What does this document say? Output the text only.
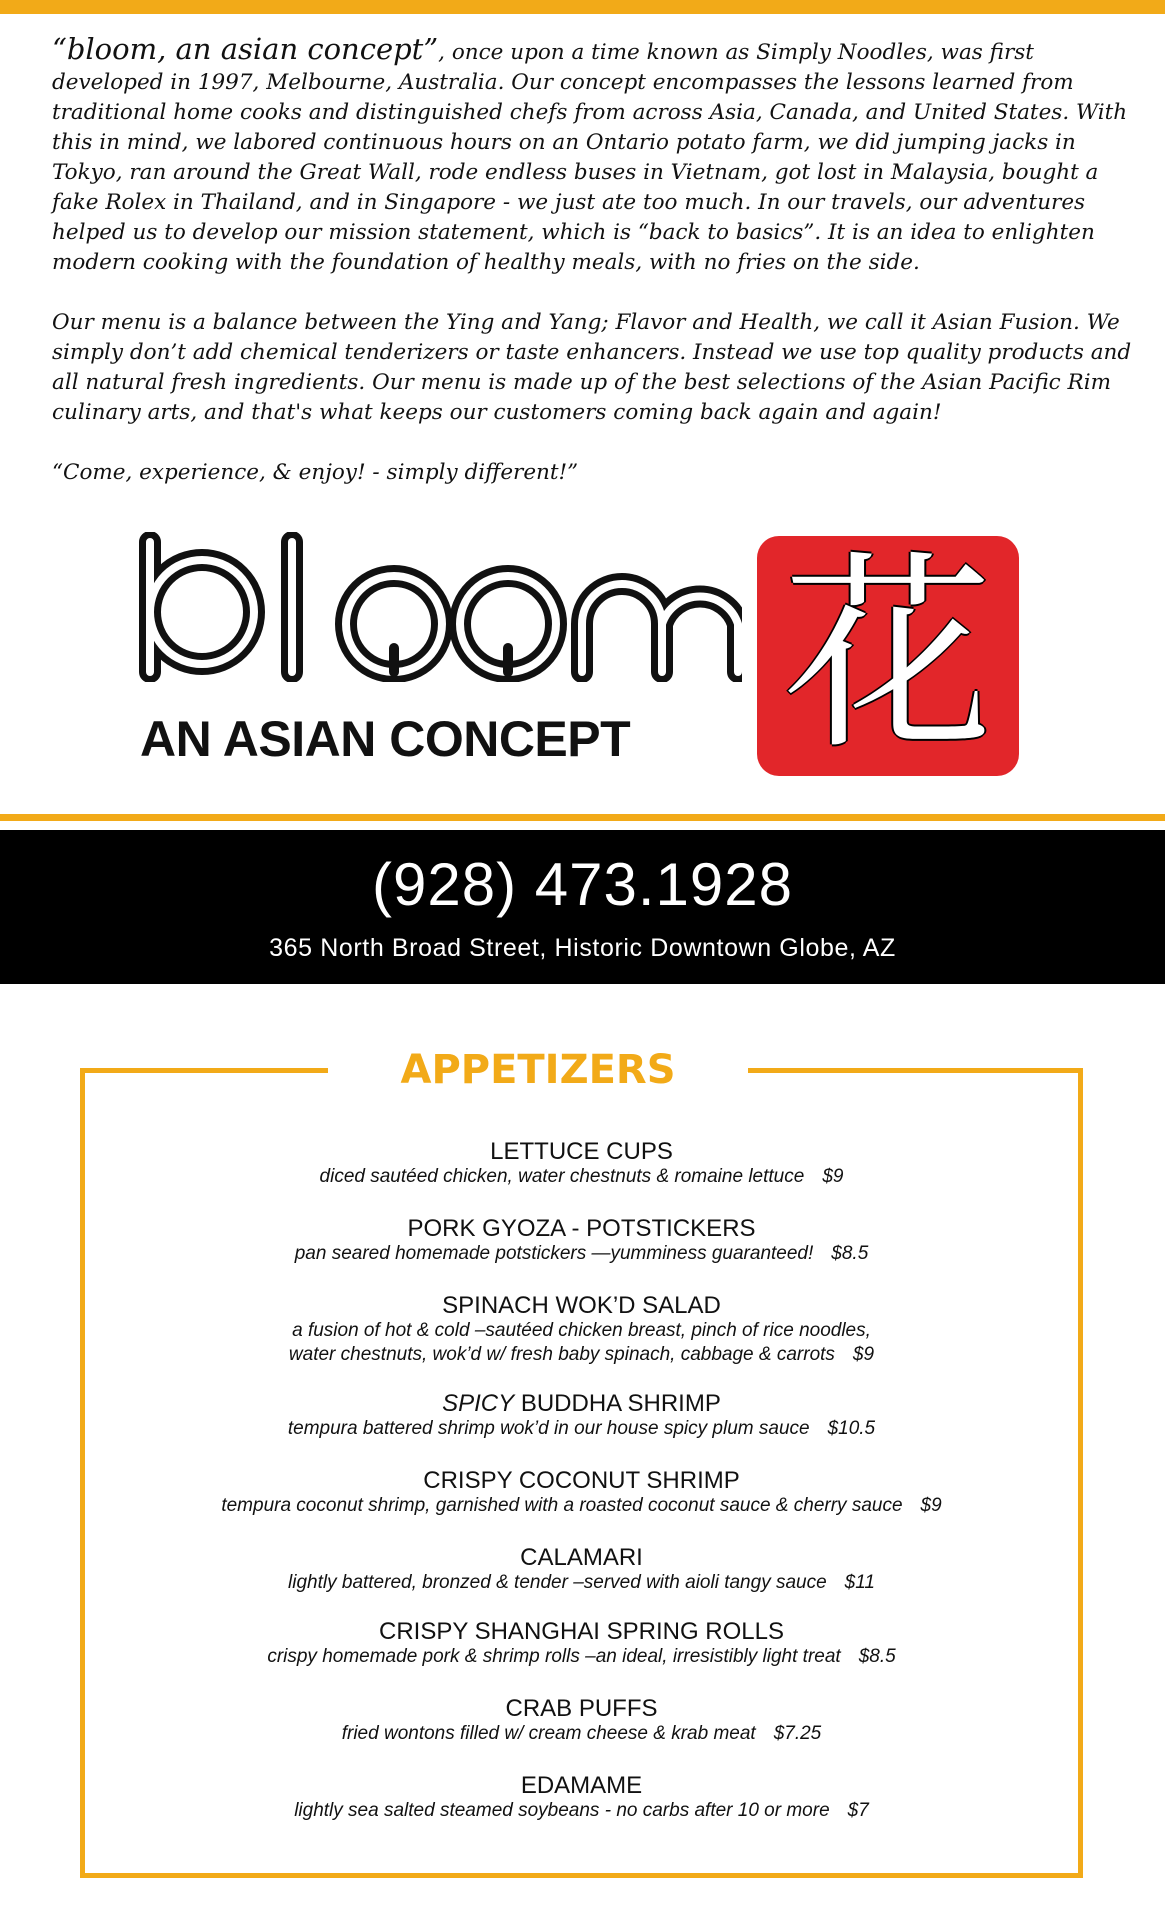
“bloom, an asian concept”, once upon a time known as Simply Noodles, was first developed in 1997, Melbourne, Australia. Our concept encompasses the lessons learned from traditional home cooks and distinguished chefs from across Asia, Canada, and United States. With this in mind, we labored continuous hours on an Ontario potato farm, we did jumping jacks in Tokyo, ran around the Great Wall, rode endless buses in Vietnam, got lost in Malaysia, bought a fake Rolex in Thailand, and in Singapore - we just ate too much. In our travels, our adventures helped us to develop our mission statement, which is “back to basics”. It is an idea to enlighten modern cooking with the foundation of healthy meals, with no fries on the side.

Our menu is a balance between the Ying and Yang; Flavor and Health, we call it Asian Fusion. We simply don’t add chemical tenderizers or taste enhancers. Instead we use top quality products and all natural fresh ingredients. Our menu is made up of the best selections of the Asian Pacific Rim culinary arts, and that's what keeps our customers coming back again and again!

“Come, experience, & enjoy! - simply different!”

AN ASIAN CONCEPT 花
(928) 473.1928
365 North Broad Street, Historic Downtown Globe, AZ
APPETIZERS
LETTUCE CUPS
diced sautéed chicken, water chestnuts & romaine lettuce $9
PORK GYOZA - POTSTICKERS
pan seared homemade potstickers —yumminess guaranteed! $8.5
SPINACH WOK’D SALAD
a fusion of hot & cold –sautéed chicken breast, pinch of rice noodles,
water chestnuts, wok’d w/ fresh baby spinach, cabbage & carrots $9
SPICY BUDDHA SHRIMP
tempura battered shrimp wok’d in our house spicy plum sauce $10.5
CRISPY COCONUT SHRIMP
tempura coconut shrimp, garnished with a roasted coconut sauce & cherry sauce $9
CALAMARI
lightly battered, bronzed & tender –served with aioli tangy sauce $11
CRISPY SHANGHAI SPRING ROLLS
crispy homemade pork & shrimp rolls –an ideal, irresistibly light treat $8.5
CRAB PUFFS
fried wontons filled w/ cream cheese & krab meat $7.25
EDAMAME
lightly sea salted steamed soybeans - no carbs after 10 or more $7
